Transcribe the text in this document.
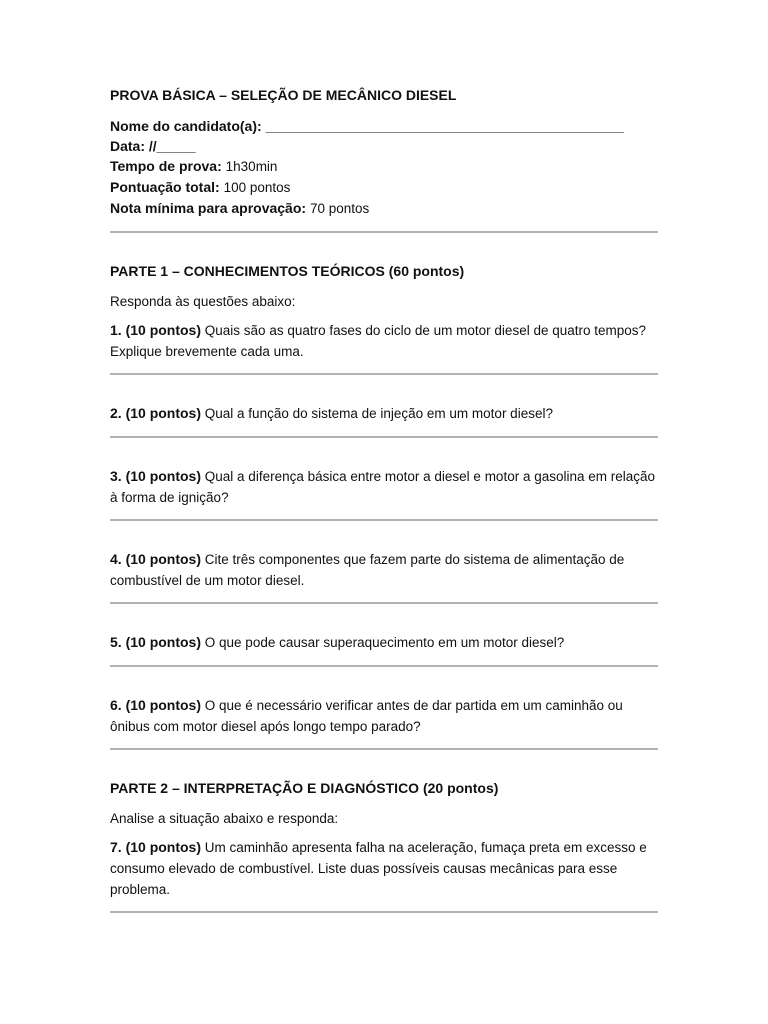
PROVA BÁSICA – SELEÇÃO DE MECÂNICO DIESEL
Nome do candidato(a): ______________________________________________
Data: //_____
Tempo de prova: 1h30min
Pontuação total: 100 pontos
Nota mínima para aprovação: 70 pontos
PARTE 1 – CONHECIMENTOS TEÓRICOS (60 pontos)
Responda às questões abaixo:
1. (10 pontos) Quais são as quatro fases do ciclo de um motor diesel de quatro tempos? Explique brevemente cada uma.
2. (10 pontos) Qual a função do sistema de injeção em um motor diesel?
3. (10 pontos) Qual a diferença básica entre motor a diesel e motor a gasolina em relação à forma de ignição?
4. (10 pontos) Cite três componentes que fazem parte do sistema de alimentação de combustível de um motor diesel.
5. (10 pontos) O que pode causar superaquecimento em um motor diesel?
6. (10 pontos) O que é necessário verificar antes de dar partida em um caminhão ou ônibus com motor diesel após longo tempo parado?
PARTE 2 – INTERPRETAÇÃO E DIAGNÓSTICO (20 pontos)
Analise a situação abaixo e responda:
7. (10 pontos) Um caminhão apresenta falha na aceleração, fumaça preta em excesso e consumo elevado de combustível. Liste duas possíveis causas mecânicas para esse problema.
